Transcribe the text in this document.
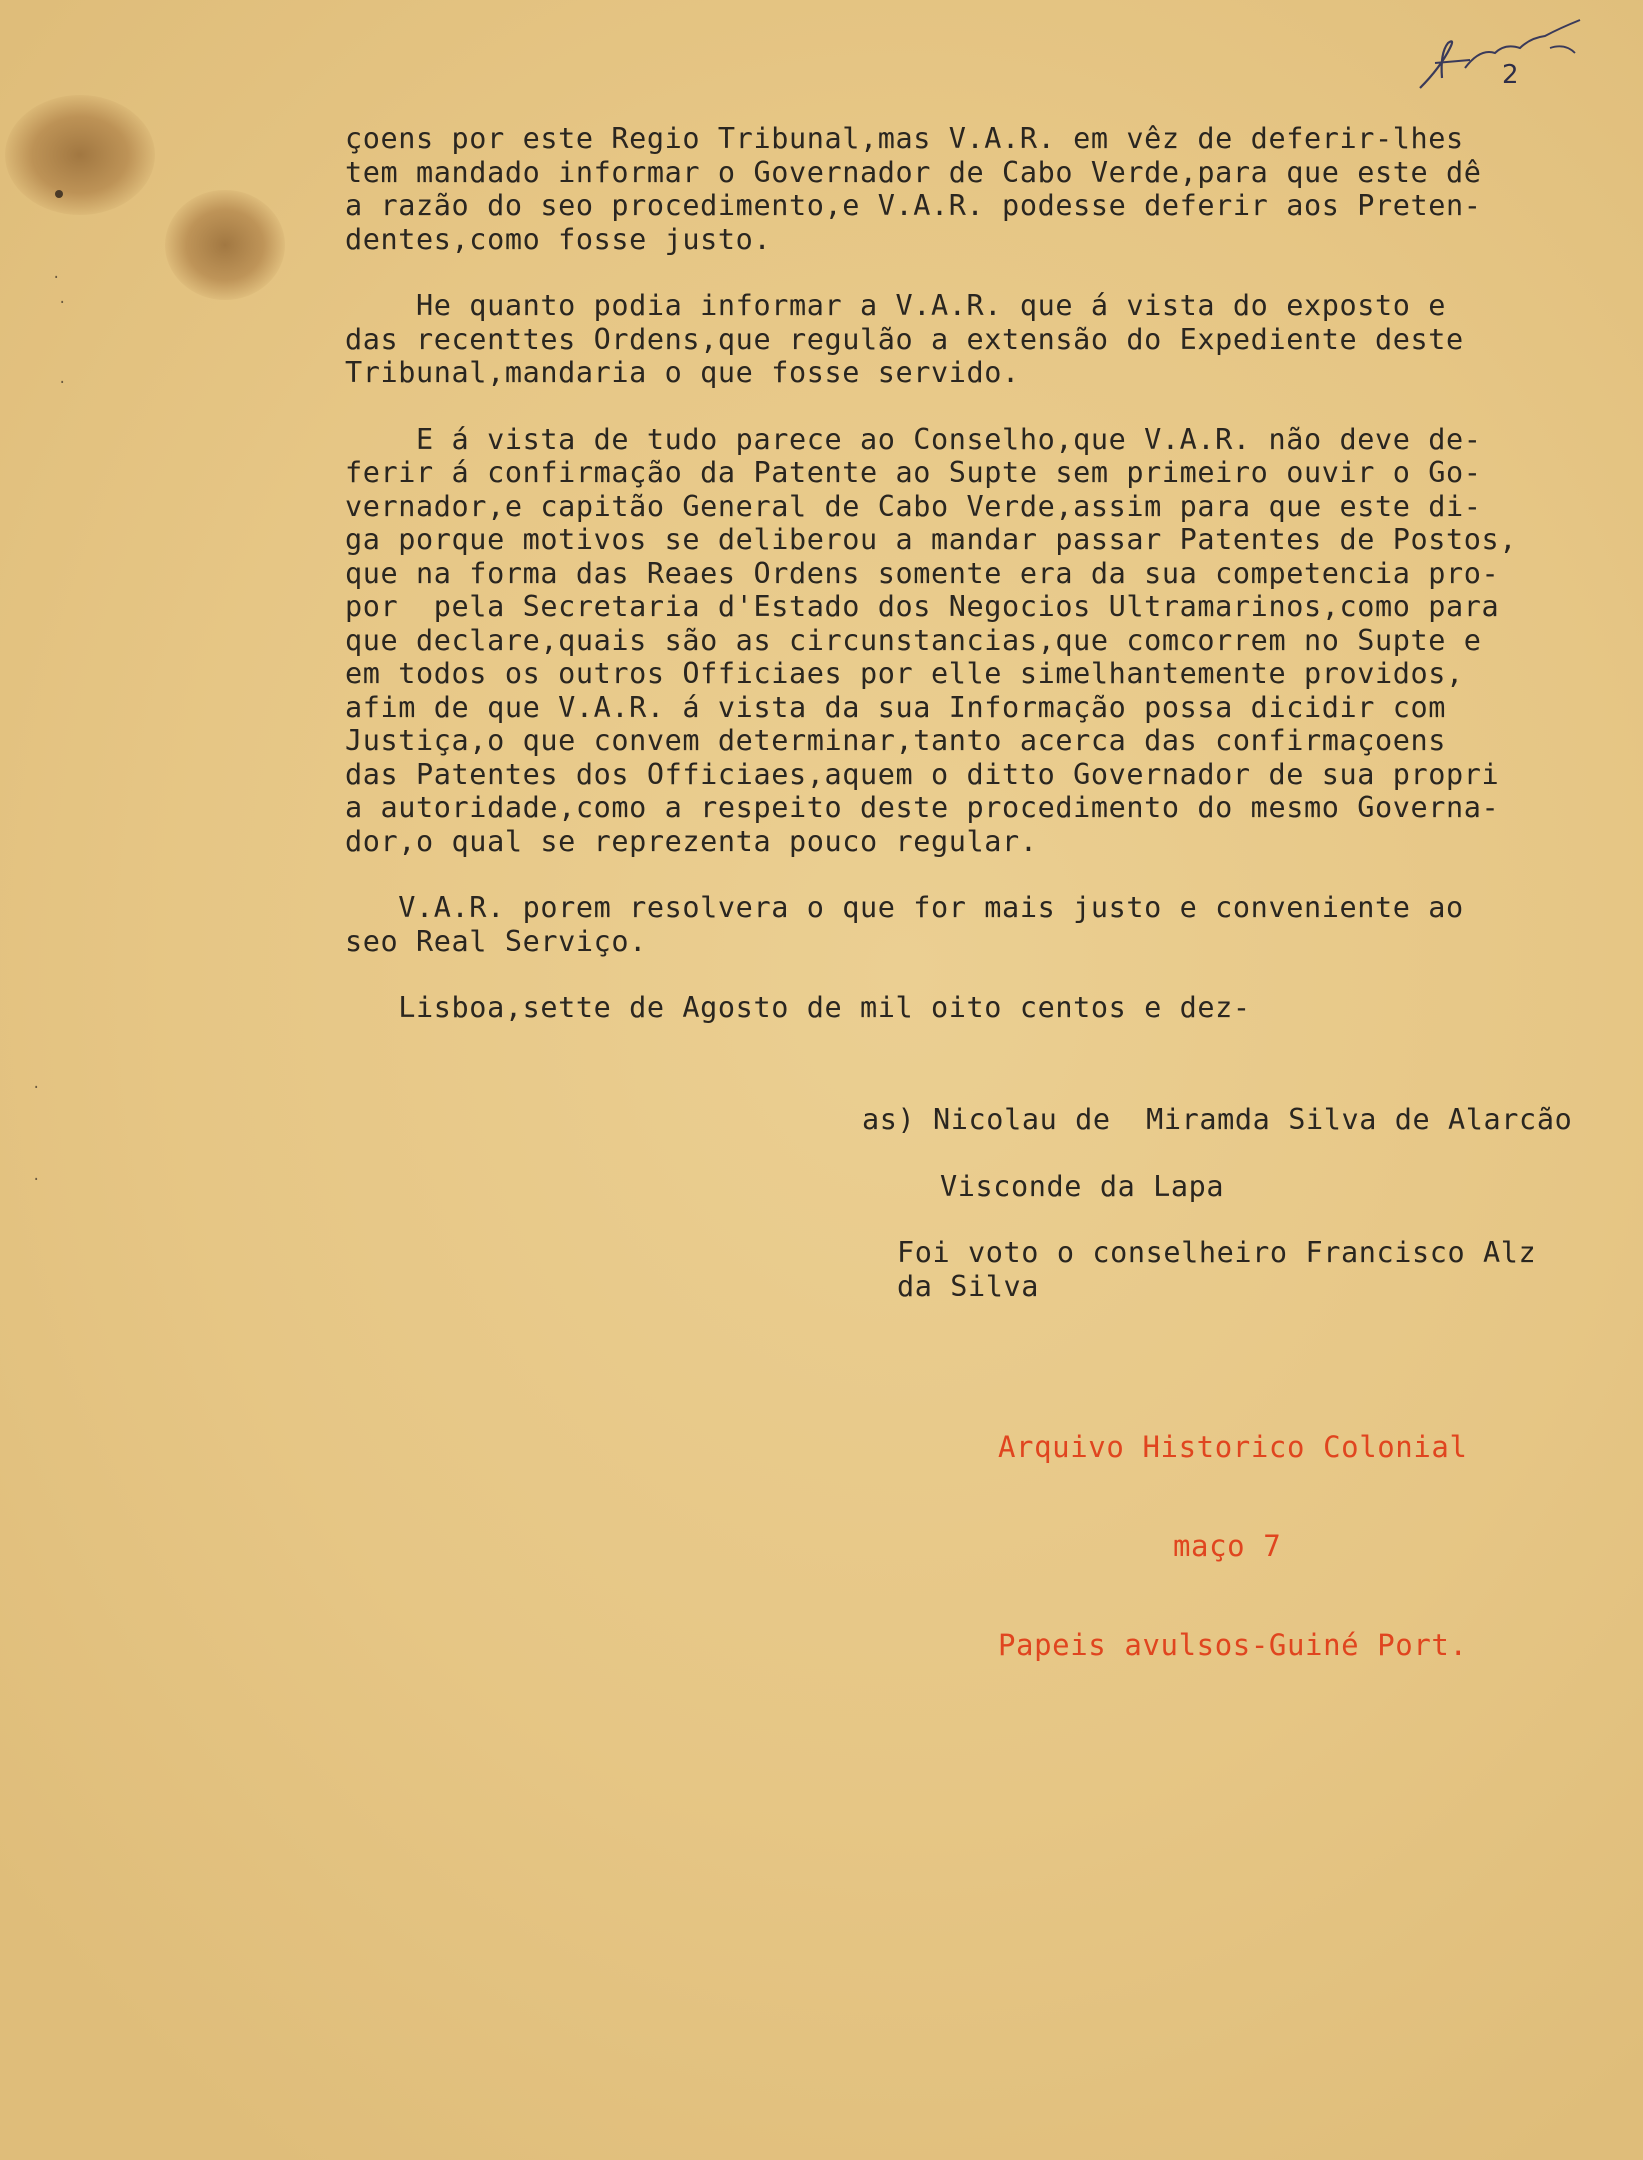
·
·
·
·
·
2

çoens por este Regio Tribunal,mas V.A.R. em vêz de deferir-lhes

tem mandado informar o Governador de Cabo Verde,para que este dê

a razão do seo procedimento,e V.A.R. podesse deferir aos Preten-

dentes,como fosse justo.

He quanto podia informar a V.A.R. que á vista do exposto e

das recenttes Ordens,que regulão a extensão do Expediente deste

Tribunal,mandaria o que fosse servido.

E á vista de tudo parece ao Conselho,que V.A.R. não deve de-

ferir á confirmação da Patente ao Supte sem primeiro ouvir o Go-

vernador,e capitão General de Cabo Verde,assim para que este di-

ga porque motivos se deliberou a mandar passar Patentes de Postos,

que na forma das Reaes Ordens somente era da sua competencia pro-

por  pela Secretaria d'Estado dos Negocios Ultramarinos,como para

que declare,quais são as circunstancias,que comcorrem no Supte e

em todos os outros Officiaes por elle simelhantemente providos,

afim de que V.A.R. á vista da sua Informação possa dicidir com

Justiça,o que convem determinar,tanto acerca das confirmaçoens

das Patentes dos Officiaes,aquem o ditto Governador de sua propri

a autoridade,como a respeito deste procedimento do mesmo Governa-

dor,o qual se reprezenta pouco regular.

V.A.R. porem resolvera o que for mais justo e conveniente ao

seo Real Serviço.

Lisboa,sette de Agosto de mil oito centos e dez-

as) Nicolau de  Miramda Silva de Alarcão
Visconde da Lapa
Foi voto o conselheiro Francisco Alz
da Silva

Arquivo Historico Colonial

maço 7

Papeis avulsos-Guiné Port.
